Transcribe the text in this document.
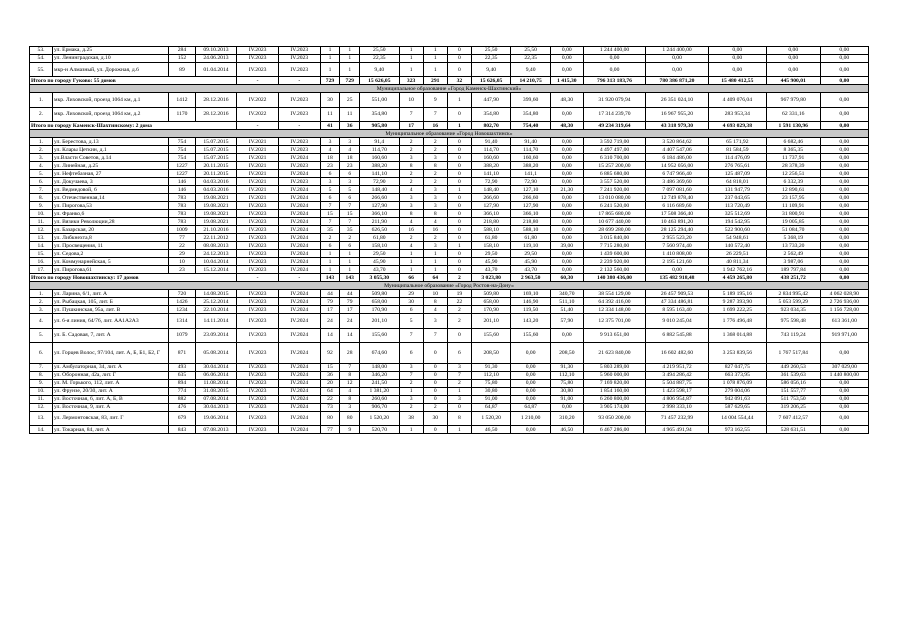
53.	ул. Ермака, д.25	284	09.10.2013	IV.2023	IV.2023	1	1	25,50	1	1	0	25,50	25,50	0,00	1 244 400,00	1 244 400,00	0,00	0,00	0,00
54.	ул. Ленинградская, д.10	152	24.06.2013	IV.2023	IV.2023	1	1	22,35	1	1	0	22,35	22,35	0,00	0,00	0,00	0,00	0,00	0,00
55.	мкр-н Алмазный, ул. Дорожная, д.6	89	01.04.2014	IV.2023	IV.2023	1	1	9,40	1	1	0	9,40	9,40	0,00	0,00	0,00	0,00	0,00	0,00
Итого по городу Гуково: 55 домов				-	-	729	729	15 626,05	323	291	32	15 626,05	14 210,75	1 415,30	796 313 183,76	780 386 871,20	15 480 412,55	445 900,01	0,00
Муниципальное образование «Город Каменск-Шахтинский»																			
1.	мкр. Лиховской, проезд 1064 км, д.1	1412	28.12.2016	IV.2022	IV.2023	30	25	551,00	10	9	1	447,90	399,60	48,30	31 920 079,94	26 351 024,10	4 409 076,04	967 979,80	0,00
2.	мкр. Лиховской, проезд 1064 км, д.2	1170	28.12.2016	IV.2022	IV.2023	11	11	354,80	7	7	0	354,80	354,80	0,00	17 314 239,70	16 967 955,20	283 953,34	62 331,16	0,00
Итого по городу Каменск-Шахтинскому: 2 дома				-	-	41	36	905,80	17	16	1	802,70	754,40	48,30	49 234 319,64	43 318 979,30	4 693 029,38	1 591 130,96	0,00
Муниципальное образование «Город Новошахтинск»																			
1.	ул. Берестова, д.13	754	15.07.2015	IV.2021	IV.2023	3	3	91,4	2	2	0	91,40	91,40	0,00	3 592 719,00	3 520 864,62	65 171,92	6 682,46	0,00
2.	ул. Клары Цеткин, д.1	754	15.07.2015	IV.2021	IV.2023	4	4	114,70	2	2	0	114,70	114,70	0,00	4 497 497,00	4 407 547,06	81 584,59	8 365,35	0,00
3.	ул.Власти Советов, д.14	754	15.07.2015	IV.2021	IV.2024	18	18	160,60	3	3	0	160,60	160,60	0,00	6 310 700,00	6 184 486,00	114 476,09	11 737,91	0,00
4.	ул. Линейная, д.25	1227	20.11.2015	IV.2021	IV.2023	23	23	388,20	8	8	0	388,20	388,20	0,00	15 257 200,00	14 952 056,00	276 765,61	28 378,39	0,00
5.	ул. Нефтебазная, 27	1227	20.11.2015	IV.2021	IV.2024	6	6	141,10	2	2	0	141,10	141,1	0,00	6 885 680,00	6 747 966,40	125 487,09	12 256,51	0,00
6.	ул. Докучаева, 3	146	04.03.2016	IV.2021	IV.2023	3	3	72,90	2	2	0	72,90	72,90	0,00	3 557 520,00	3 486 369,60	64 818,01	6 332,39	0,00
7.	ул. Ведмедовой, 6	146	04.03.2016	IV.2021	IV.2024	5	5	148,40	4	3	1	148,40	127,10	21,30	7 241 920,00	7 097 081,60	131 947,79	12 890,61	0,00
8.	ул. Отечественная,14	783	19.08.2021	IV.2021	IV.2024	6	6	266,60	3	3	0	266,60	266,60	0,00	13 010 080,00	12 749 878,40	237 043,65	23 157,95	0,00
9.	ул. Пирогова,53	783	19.08.2021	IV.2023	IV.2024	7	7	127,90	3	3	0	127,90	127,90	0,00	6 241 520,00	6 116 689,60	113 720,49	11 109,91	0,00
10.	ул. Франко,6	783	19.08.2021	IV.2023	IV.2024	15	15	366,10	8	8	0	366,10	366,10	0,00	17 865 680,00	17 508 366,40	325 512,69	31 800,91	0,00
11.	ул. Вязики Революции,28	783	19.08.2021	IV.2023	IV.2024	7	7	211,90	4	4	0	218,80	218,80	0,00	10 677 440,00	10 463 891,20	194 542,95	19 005,85	0,00
12.	ул. Базарская, 20	1009	21.10.2016	IV.2023	IV.2024	35	35	626,50	16	16	0	588,10	588,10	0,00	28 699 280,00	28 125 294,40	522 900,60	51 084,70	0,00
13.	ул. Либкнехта,8	77	22.11.2012	IV.2023	IV.2024	2	2	61,80	2	2	0	61,80	61,80	0,00	3 015 840,00	2 955 523,20	54 948,61	5 368,19	0,00
14.	ул. Просвещения, 11	22	08.08.2013	IV.2023	IV.2024	6	6	158,10	4	3	1	158,10	119,10	39,00	7 715 280,00	7 560 974,40	140 572,40	13 733,20	0,00
15.	ул. Седова,2	29	24.12.2013	IV.2023	IV.2024	1	1	29,50	1	1	0	29,50	29,50	0,00	1 439 600,00	1 410 808,00	26 229,51	2 562,49	0,00
16.	ул. Коммунарнейская, 5	10	10.04.2014	IV.2023	IV.2024	1	1	45,90	1	1	0	45,90	45,90	0,00	2 239 920,00	2 195 121,60	40 811,34	3 987,06	0,00
17.	ул. Пирогова,61	23	15.12.2014	IV.2023	IV.2024	1	1	43,70	1	1	0	43,70	43,70	0,00	2 132 560,00	0,00	1 942 762,16	189 797,84	0,00
Итого по городу Новошахтинску: 17 домов				-	-	143	143	3 055,30	66	64	2	3 023,80	2 963,50	60,30	140 380 436,00	135 482 918,48	4 459 265,80	438 251,72	0,00
Муниципальное образование «Город Ростов-на-Дону»																			
1.	ул. Ларина, 6/1, лит. А	720	14.08.2015	IV.2023	IV.2024	44	44	509,80	29	10	19	509,80	169,10	340,70	38 554 129,00	26 457 909,53	5 189 195,16	2 834 995,42	4 062 028,90
2.	ул. Рыбацкая, 105, лит. Б	1426	25.12.2014	IV.2023	IV.2024	79	79	658,00	30	8	22	658,00	146,90	511,10	64 392 416,00	47 334 486,81	9 287 393,90	5 053 599,29	2 726 936,00
3.	ул. Пушкинская, 95а, лит. В	1234	22.10.2014	IV.2023	IV.2024	17	17	170,90	6	4	2	170,90	119,50	51,40	12 334 148,00	8 595 163,40	1 699 222,25	923 034,35	1 156 728,00
4.	ул. 6-я линия, 64/76, лит. АА1А2А3	1314	14.11.2014	IV.2023	IV.2024	24	24	201,10	5	3	2	201,10	143,20	57,90	12 375 701,00	9 010 245,04	1 776 496,48	975 598,48	613 361,00
5.	ул. Б. Садовая, 7, лит. А	1079	23.09.2014	IV.2023	IV.2024	14	14	155,60	7	7	0	155,60	155,60	0,00	9 913 651,00	6 882 545,88	1 368 014,88	743 119,24	919 971,00
6.	ул. Горцев Волос, 97/104, лит. А, Б, Б1, Б2, Г	871	05.08.2014	IV.2023	IV.2024	92	28	674,60	6	0	6	208,50	0,00	208,50	21 623 840,00	16 602 482,60	3 253 839,56	1 767 517,84	0,00
7.	ул. Амбулаторная, 34, лит. А	493	30.04.2014	IV.2023	IV.2024	15	7	148,00	3	0	3	91,30	0,00	91,30	5 803 289,00	4 219 951,72	827 047,75	449 260,53	307 029,00
8.	ул. Оборонная, 42а, лит. Г	635	06.06.2014	IV.2023	IV.2024	36	8	346,20	7	0	7	112,10	0,00	112,10	5 960 000,00	3 494 286,42	663 373,95	361 539,63	1 440 800,00
9.	ул. М. Горького, 112, лит. А	894	11.08.2014	IV.2023	IV.2024	20	12	241,50	2	0	2	75,80	0,00	75,80	7 169 820,00	5 504 887,75	1 078 876,09	586 056,16	0,00
10.	ул. Фрунзе, 20/30, лит. А	774	31.08.2015	IV.2023	IV.2024	64	4	1 381,20	1	0	1	30,80	0,00	30,80	1 854 160,00	1 423 598,17	279 004,06	151 557,77	0,00
11.	ул. Восточная, 6, лит. А, Б, В	882	07.08.2014	IV.2023	IV.2024	22	8	260,60	3	0	3	91,00	0,00	91,00	6 260 800,00	4 806 954,87	942 091,63	511 753,50	0,00
12.	ул. Восточная, 9, лит. А	476	30.04.2013	IV.2023	IV.2024	73	3	906,70	2	2	0	64,87	64,87	0,00	3 905 174,00	2 998 333,10	587 629,65	319 206,25	0,00
13.	ул. Лермонтовская, 83, лит. Г	679	19.06.2014	IV.2023	IV.2024	80	80	1 520,20	38	30	8	1 520,20	1 210,00	310,20	93 050 200,00	71 457 232,99	14 004 554,44	7 607 412,57	0,00
14.	ул. Токарная, 84, лит. А	843	07.08.2013	IV.2023	IV.2024	77	9	520,70	1	0	1	46,50	0,00	46,50	6 467 286,00	4 965 491,94	973 162,55	528 631,51	0,00
